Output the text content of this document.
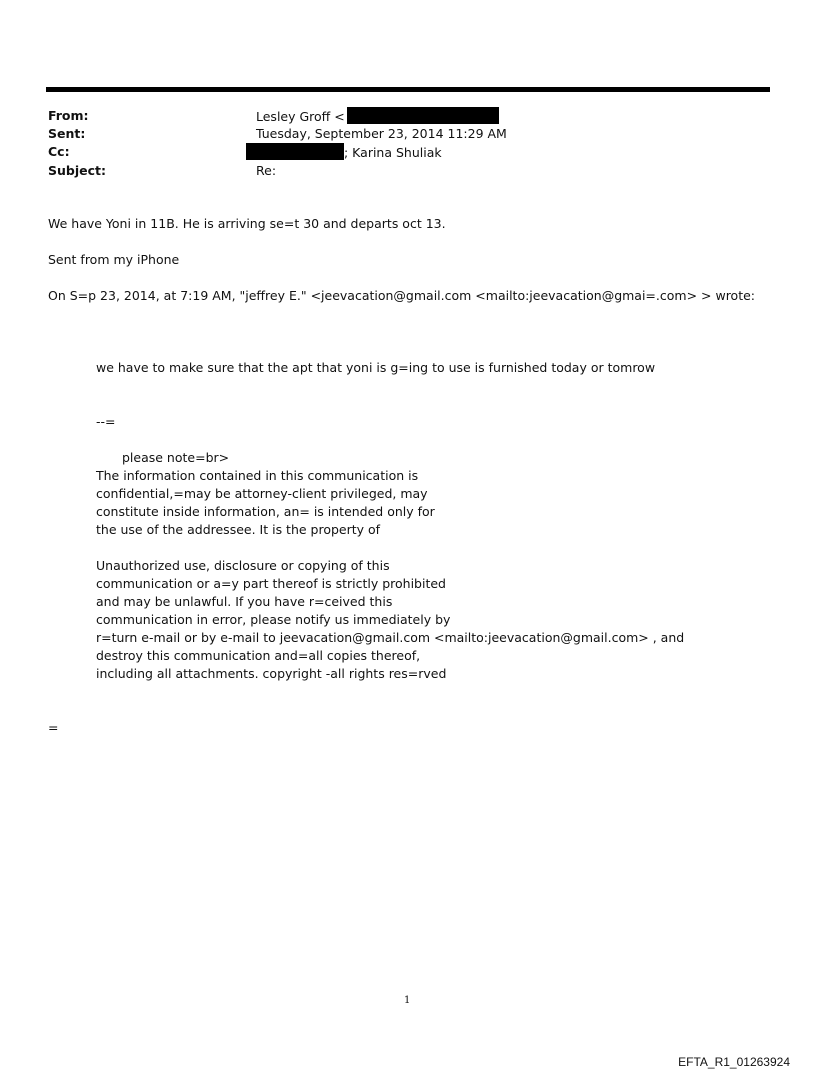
From:	Lesley Groff <
Sent:	Tuesday, September 23, 2014 11:29 AM
Cc:	; Karina Shuliak
Subject:	Re:
We have Yoni in 11B. He is arriving se=t 30 and departs oct 13.
Sent from my iPhone
On S=p 23, 2014, at 7:19 AM, "jeffrey E." <jeevacation@gmail.com <mailto:jeevacation@gmai=.com> > wrote:
we have to make sure that the apt that yoni is g=ing to use is furnished today or tomrow
--=
please note=br>
The information contained in this communication is
confidential,=may be attorney-client privileged, may
constitute inside information, an= is intended only for
the use of the addressee. It is the property of
Unauthorized use, disclosure or copying of this
communication or a=y part thereof is strictly prohibited
and may be unlawful. If you have r=ceived this
communication in error, please notify us immediately by
r=turn e-mail or by e-mail to jeevacation@gmail.com <mailto:jeevacation@gmail.com> , and
destroy this communication and=all copies thereof,
including all attachments. copyright -all rights res=rved
=
1
EFTA_R1_01263924
